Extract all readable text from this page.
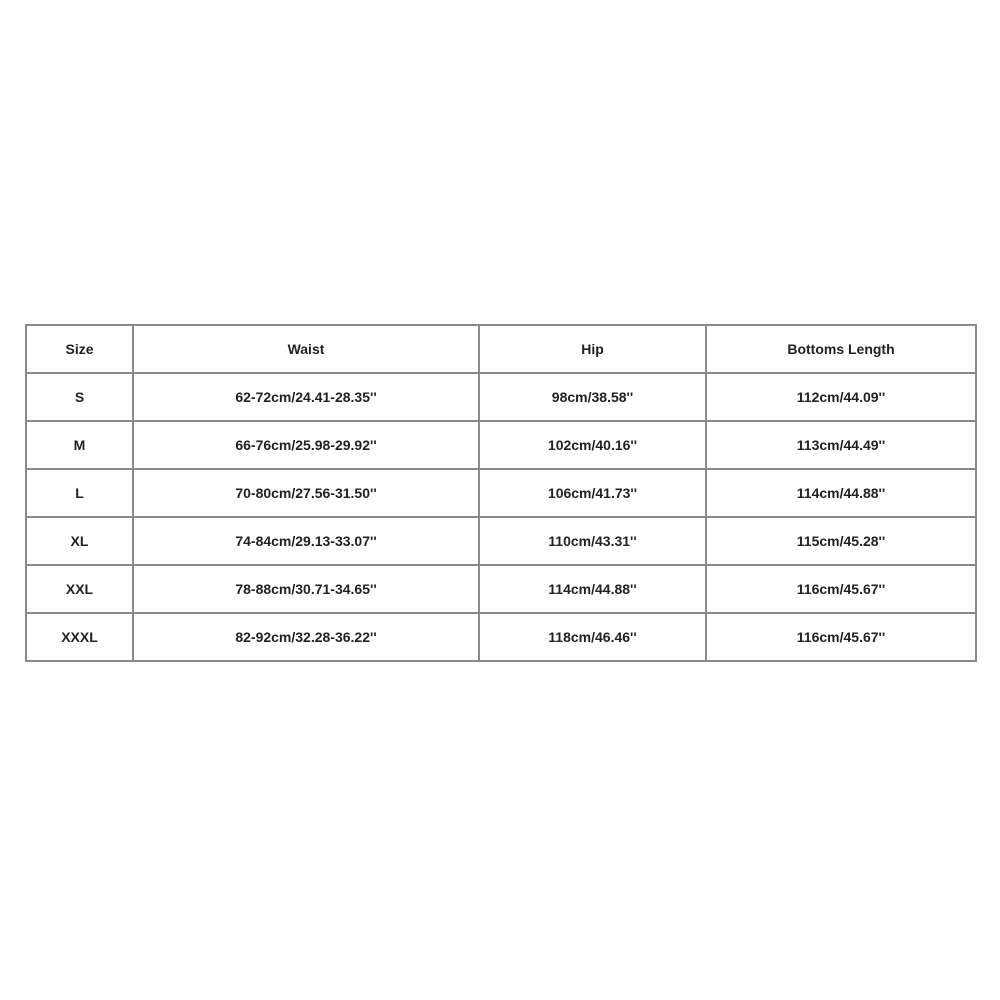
Size	Waist	Hip	Bottoms Length
S	62-72cm/24.41-28.35''	98cm/38.58''	112cm/44.09''
M	66-76cm/25.98-29.92''	102cm/40.16''	113cm/44.49''
L	70-80cm/27.56-31.50''	106cm/41.73''	114cm/44.88''
XL	74-84cm/29.13-33.07''	110cm/43.31''	115cm/45.28''
XXL	78-88cm/30.71-34.65''	114cm/44.88''	116cm/45.67''
XXXL	82-92cm/32.28-36.22''	118cm/46.46''	116cm/45.67''
